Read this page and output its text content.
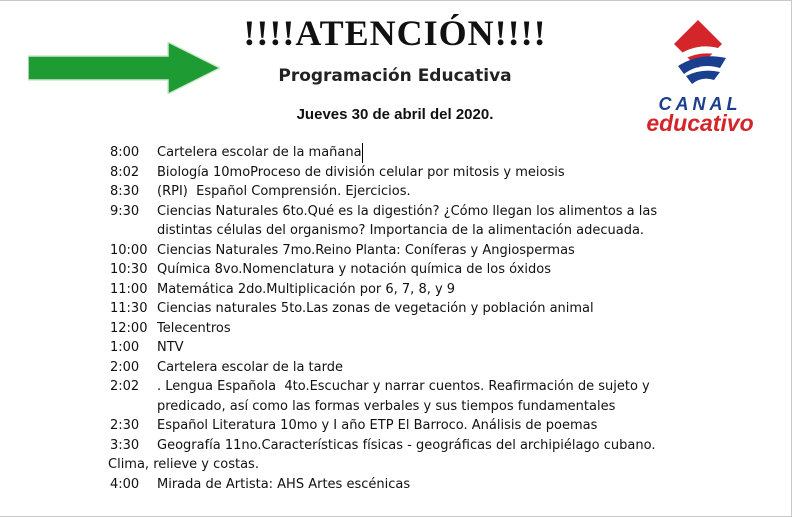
!!!!ATENCIÓN!!!!
Programación Educativa
Jueves 30 de abril del 2020.
CANAL
educativo
8:00	Cartelera escolar de la mañana
8:02	Biología 10moProceso de división celular por mitosis y meiosis
8:30	(RPI)  Español Comprensión. Ejercicios.
9:30	Ciencias Naturales 6to.Qué es la digestión? ¿Cómo llegan los alimentos a las
distintas células del organismo? Importancia de la alimentación adecuada.
10:00 Ciencias Naturales 7mo.Reino Planta: Coníferas y Angiospermas
10:30 Química 8vo.Nomenclatura y notación química de los óxidos
11:00 Matemática 2do.Multiplicación por 6, 7, 8, y 9
11:30 Ciencias naturales 5to.Las zonas de vegetación y población animal
12:00 Telecentros
1:00	NTV
2:00	Cartelera escolar de la tarde
2:02	. Lengua Española  4to.Escuchar y narrar cuentos. Reafirmación de sujeto y
predicado, así como las formas verbales y sus tiempos fundamentales
2:30	Español Literatura 10mo y I año ETP El Barroco. Análisis de poemas
3:30	Geografía 11no.Características físicas - geográficas del archipiélago cubano.
Clima, relieve y costas.
4:00	Mirada de Artista: AHS Artes escénicas
